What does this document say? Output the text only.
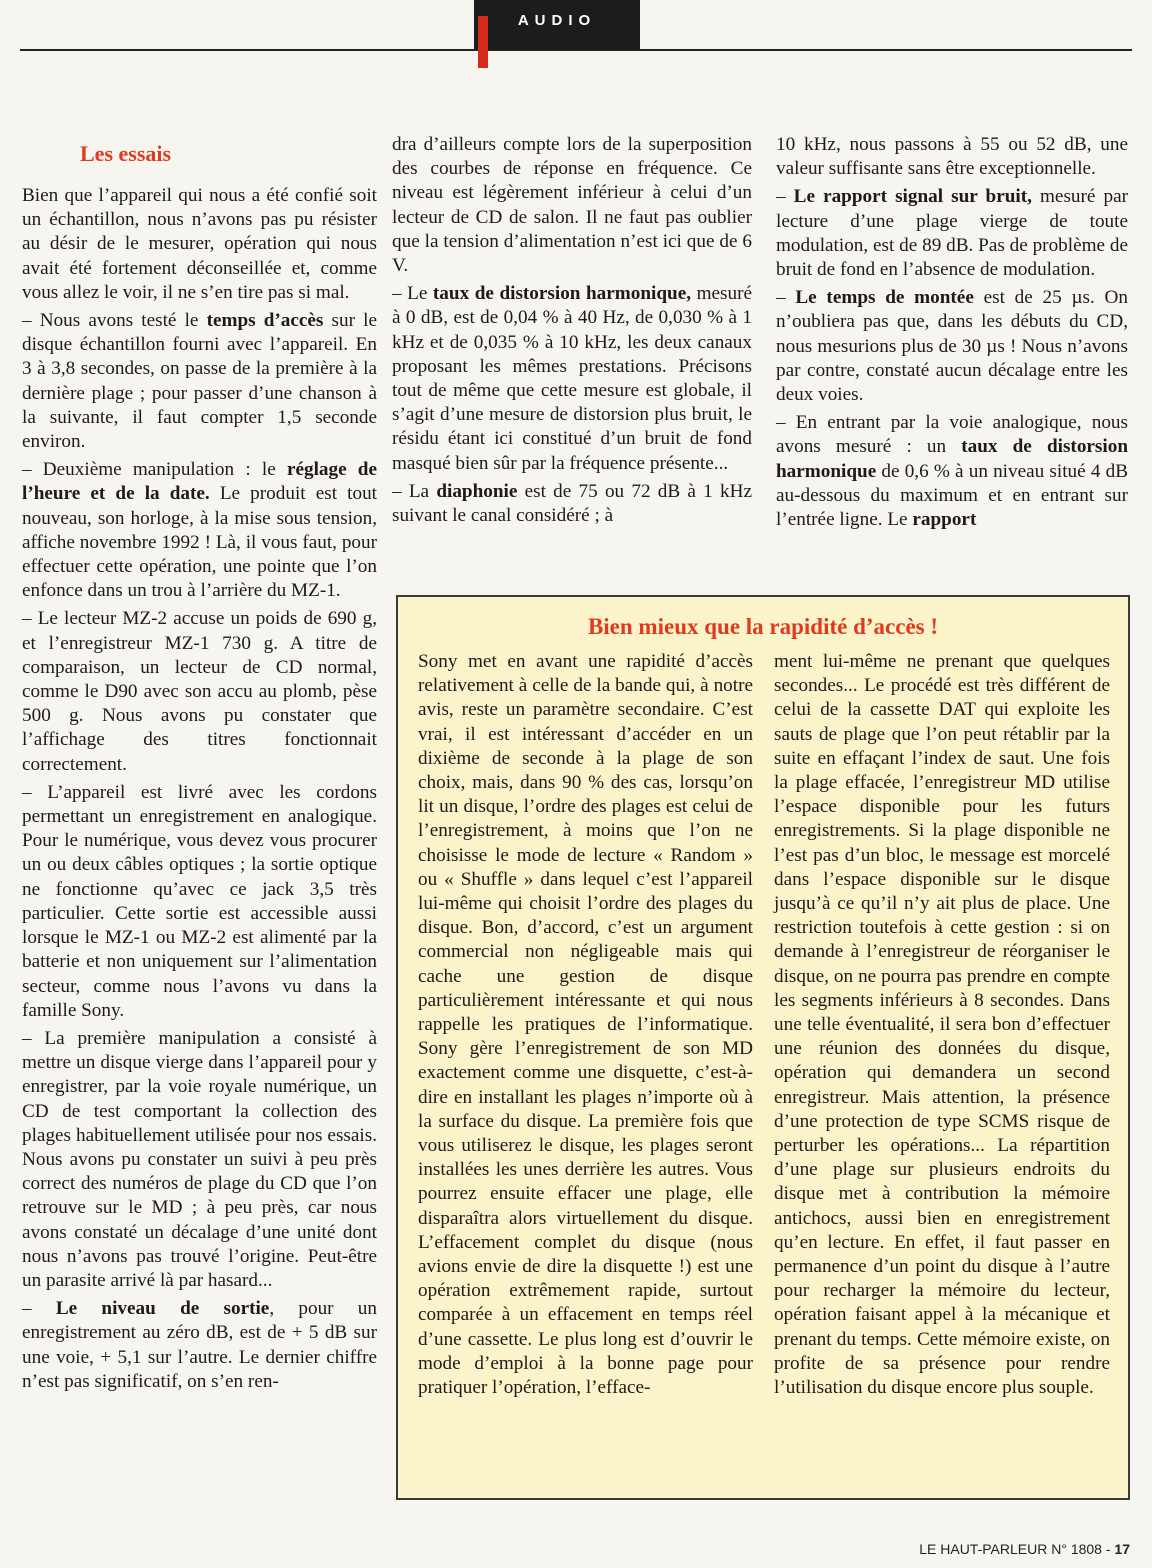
AUDIO
Les essais

Bien que l’appareil qui nous a été confié soit un échantillon, nous n’avons pas pu résister au désir de le mesurer, opération qui nous avait été fortement déconseillée et, comme vous allez le voir, il ne s’en tire pas si mal.

– Nous avons testé le temps d’accès sur le disque échantillon fourni avec l’appareil. En 3 à 3,8 secondes, on passe de la première à la dernière plage ; pour passer d’une chanson à la suivante, il faut compter 1,5 seconde environ.

– Deuxième manipulation : le réglage de l’heure et de la date. Le produit est tout nouveau, son horloge, à la mise sous tension, affiche novembre 1992 ! Là, il vous faut, pour effectuer cette opération, une pointe que l’on enfonce dans un trou à l’arrière du MZ-1.

– Le lecteur MZ-2 accuse un poids de 690 g, et l’enregistreur MZ-1 730 g. A titre de comparaison, un lecteur de CD normal, comme le D90 avec son accu au plomb, pèse 500 g. Nous avons pu constater que l’affichage des titres fonctionnait correctement.

– L’appareil est livré avec les cordons permettant un enregistrement en analogique. Pour le numérique, vous devez vous procurer un ou deux câbles optiques ; la sortie optique ne fonctionne qu’avec ce jack 3,5 très particulier. Cette sortie est accessible aussi lorsque le MZ-1 ou MZ-2 est alimenté par la batterie et non uniquement sur l’alimentation secteur, comme nous l’avons vu dans la famille Sony.

– La première manipulation a consisté à mettre un disque vierge dans l’appareil pour y enregistrer, par la voie royale numérique, un CD de test comportant la collection des plages habituellement utilisée pour nos essais. Nous avons pu constater un suivi à peu près correct des numéros de plage du CD que l’on retrouve sur le MD ; à peu près, car nous avons constaté un décalage d’une unité dont nous n’avons pas trouvé l’origine. Peut-être un parasite arrivé là par hasard...

– Le niveau de sortie, pour un enregistrement au zéro dB, est de + 5 dB sur une voie, + 5,1 sur l’autre. Le dernier chiffre n’est pas significatif, on s’en ren-

dra d’ailleurs compte lors de la superposition des courbes de réponse en fréquence. Ce niveau est légèrement inférieur à celui d’un lecteur de CD de salon. Il ne faut pas oublier que la tension d’alimentation n’est ici que de 6 V.

– Le taux de distorsion harmonique, mesuré à 0 dB, est de 0,04 % à 40 Hz, de 0,030 % à 1 kHz et de 0,035 % à 10 kHz, les deux canaux proposant les mêmes prestations. Précisons tout de même que cette mesure est globale, il s’agit d’une mesure de distorsion plus bruit, le résidu étant ici constitué d’un bruit de fond masqué bien sûr par la fréquence présente...

– La diaphonie est de 75 ou 72 dB à 1 kHz suivant le canal considéré ; à

10 kHz, nous passons à 55 ou 52 dB, une valeur suffisante sans être exceptionnelle.

– Le rapport signal sur bruit, mesuré par lecture d’une plage vierge de toute modulation, est de 89 dB. Pas de problème de bruit de fond en l’absence de modulation.

– Le temps de montée est de 25 µs. On n’oubliera pas que, dans les débuts du CD, nous mesurions plus de 30 µs ! Nous n’avons par contre, constaté aucun décalage entre les deux voies.

– En entrant par la voie analogique, nous avons mesuré : un taux de distorsion harmonique de 0,6 % à un niveau situé 4 dB au-dessous du maximum et en entrant sur l’entrée ligne. Le rapport

Bien mieux que la rapidité d’accès !

Sony met en avant une rapidité d’accès relativement à celle de la bande qui, à notre avis, reste un paramètre secondaire. C’est vrai, il est intéressant d’accéder en un dixième de seconde à la plage de son choix, mais, dans 90 % des cas, lorsqu’on lit un disque, l’ordre des plages est celui de l’enregistrement, à moins que l’on ne choisisse le mode de lecture « Random » ou « Shuffle » dans lequel c’est l’appareil lui-même qui choisit l’ordre des plages du disque. Bon, d’accord, c’est un argument commercial non négligeable mais qui cache une gestion de disque particulièrement intéressante et qui nous rappelle les pratiques de l’informatique. Sony gère l’enregistrement de son MD exactement comme une disquette, c’est-à-dire en installant les plages n’importe où à la surface du disque. La première fois que vous utiliserez le disque, les plages seront installées les unes derrière les autres. Vous pourrez ensuite effacer une plage, elle disparaîtra alors virtuellement du disque. L’effacement complet du disque (nous avions envie de dire la disquette !) est une opération extrêmement rapide, surtout comparée à un effacement en temps réel d’une cassette. Le plus long est d’ouvrir le mode d’emploi à la bonne page pour pratiquer l’opération, l’efface-

ment lui-même ne prenant que quelques secondes... Le procédé est très différent de celui de la cassette DAT qui exploite les sauts de plage que l’on peut rétablir par la suite en effaçant l’index de saut. Une fois la plage effacée, l’enregistreur MD utilise l’espace disponible pour les futurs enregistrements. Si la plage disponible ne l’est pas d’un bloc, le message est morcelé dans l’espace disponible sur le disque jusqu’à ce qu’il n’y ait plus de place. Une restriction toutefois à cette gestion : si on demande à l’enregistreur de réorganiser le disque, on ne pourra pas prendre en compte les segments inférieurs à 8 secondes. Dans une telle éventualité, il sera bon d’effectuer une réunion des données du disque, opération qui demandera un second enregistreur. Mais attention, la présence d’une protection de type SCMS risque de perturber les opérations... La répartition d’une plage sur plusieurs endroits du disque met à contribution la mémoire antichocs, aussi bien en enregistrement qu’en lecture. En effet, il faut passer en permanence d’un point du disque à l’autre pour recharger la mémoire du lecteur, opération faisant appel à la mécanique et prenant du temps. Cette mémoire existe, on profite de sa présence pour rendre l’utilisation du disque encore plus souple.

LE HAUT-PARLEUR N° 1808 - 17
